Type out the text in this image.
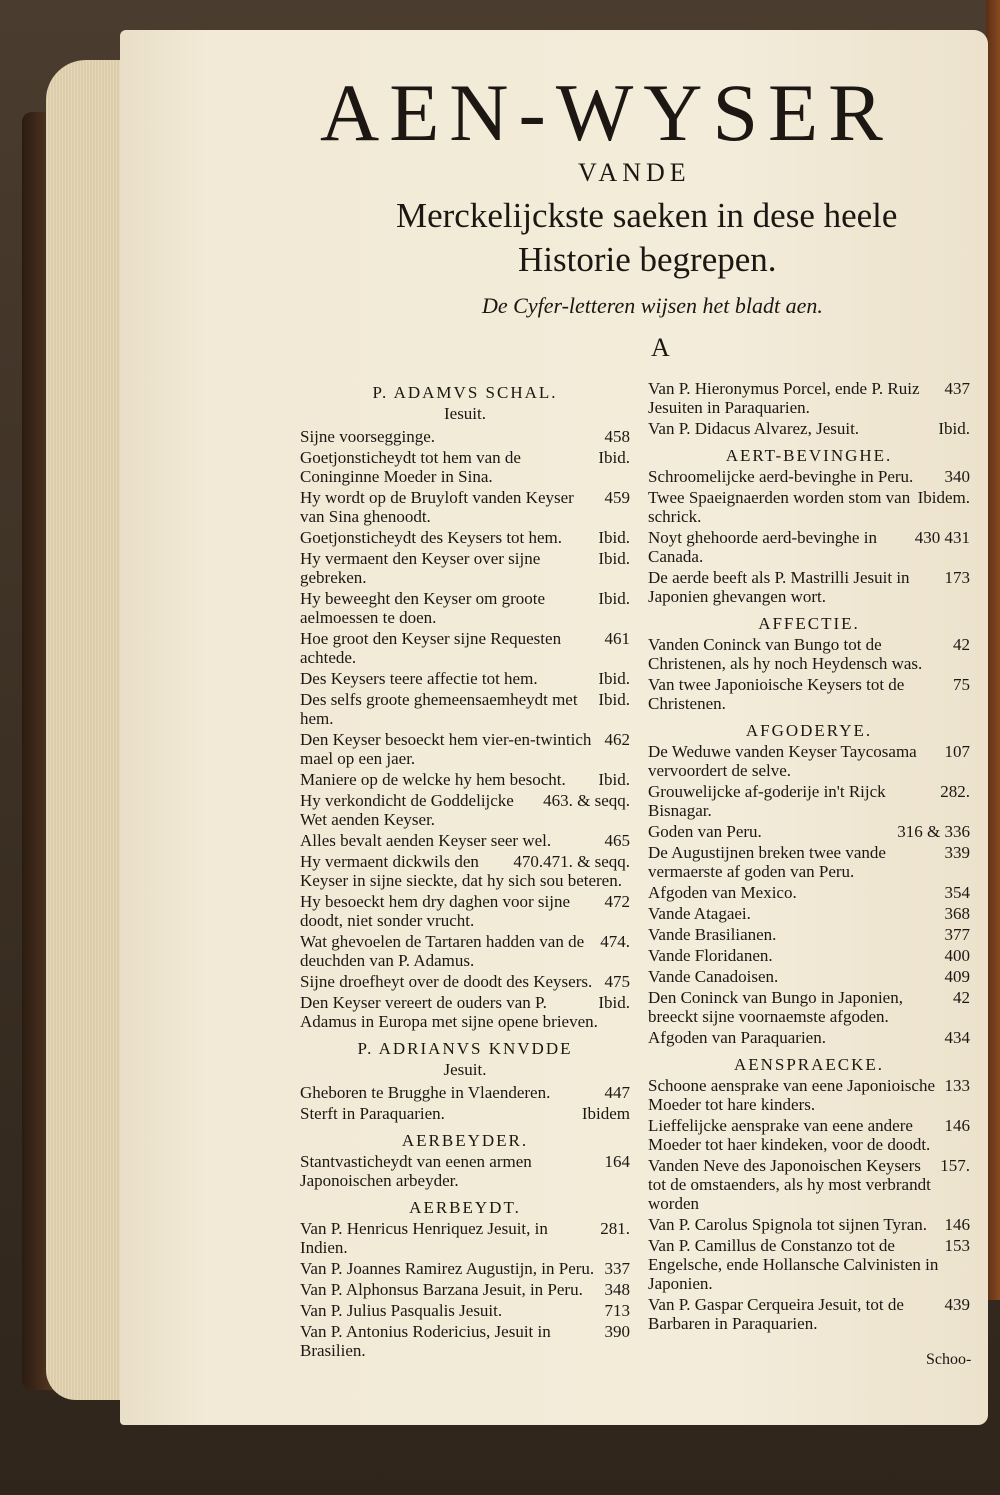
AEN-WYSER
VANDE
Merckelijckste saeken in dese heele
Historie begrepen.
De Cyfer-letteren wijsen het bladt aen.
A
P. ADAMVS SCHAL.
Iesuit.
458
Sijne voorseggingе.
Ibid.
Goetjonsticheydt tot hem van de Coninginne Moeder in Sina.
459
Hy wordt op de Bruyloft vanden Keyser van Sina ghenoodt.
Ibid.
Goetjonsticheydt des Keysers tot hem.
Ibid.
Hy vermaent den Keyser over sijne gebreken.
Ibid.
Hy beweeght den Keyser om groote aelmoessen te doen.
461
Hoe groot den Keyser sijne Requesten achtede.
Ibid.
Des Keysers teere affectie tot hem.
Ibid.
Des selfs groote ghemeensaemheydt met hem.
462
Den Keyser besoeckt hem vier-en-twintich mael op een jaer.
Ibid.
Maniere op de welcke hy hem besocht.
463. & seqq.
Hy verkondicht de Goddelijcke Wet aenden Keyser.
465
Alles bevalt aenden Keyser seer wel.
470.471. & seqq.
Hy vermaent dickwils den Keyser in sijne sieckte, dat hy sich sou beteren.
472
Hy besoeckt hem dry daghen voor sijne doodt, niet sonder vrucht.
474.
Wat ghevoelen de Tartaren hadden van de deuchden van P. Adamus.
475
Sijne droefheyt over de doodt des Keysers.
Ibid.
Den Keyser vereert de ouders van P. Adamus in Europa met sijne opene brieven.
P. ADRIANVS KNVDDE
Jesuit.
447
Gheboren te Brugghe in Vlaenderen.
Ibidem
Sterft in Paraquarien.
AERBEYDER.
164
Stantvasticheydt van eenen armen Japonoischen arbeyder.
AERBEYDT.
281.
Van P. Henricus Henriquez Jesuit, in Indien.
337
Van P. Joannes Ramirez Augustijn, in Peru.
348
Van P. Alphonsus Barzana Jesuit, in Peru.
713
Van P. Julius Pasqualis Jesuit.
390
Van P. Antonius Rodericius, Jesuit in Brasilien.
437
Van P. Hieronymus Porcel, ende P. Ruiz Jesuiten in Paraquarien.
Ibid.
Van P. Didacus Alvarez, Jesuit.
AERT-BEVINGHE.
340
Schroomelijcke aerd-bevinghe in Peru.
Ibidem.
Twee Spaeignaerden worden stom van schrick.
430 431
Noyt ghehoorde aerd-bevinghe in Canada.
173
De aerde beeft als P. Mastrilli Jesuit in Japonien ghevangen wort.
AFFECTIE.
42
Vanden Coninck van Bungo tot de Christenen, als hy noch Heydensch was.
75
Van twee Japonioische Keysers tot de Christenen.
AFGODERYE.
107
De Weduwe vanden Keyser Taycosama vervoordert de selve.
282.
Grouwelijcke af-goderije in't Rijck Bisnagar.
316 & 336
Goden van Peru.
339
De Augustijnen breken twee vande vermaerste af goden van Peru.
354
Afgoden van Mexico.
368
Vande Atagaei.
377
Vande Brasilianen.
400
Vande Floridanen.
409
Vande Canadoisen.
42
Den Coninck van Bungo in Japonien, breeckt sijne voornaemste afgoden.
434
Afgoden van Paraquarien.
AENSPRAECKE.
133
Schoone aensprake van eene Japonioische Moeder tot hare kinders.
146
Lieffelijcke aensprake van eene andere Moeder tot haer kindeken, voor de doodt.
157.
Vanden Neve des Japonoischen Keysers tot de omstaenders, als hy most verbrandt worden
146
Van P. Carolus Spignola tot sijnen Tyran.
153
Van P. Camillus de Constanzo tot de Engelsche, ende Hollansche Calvinisten in Japonien.
439
Van P. Gaspar Cerqueira Jesuit, tot de Barbaren in Paraquarien.
Schoo-
